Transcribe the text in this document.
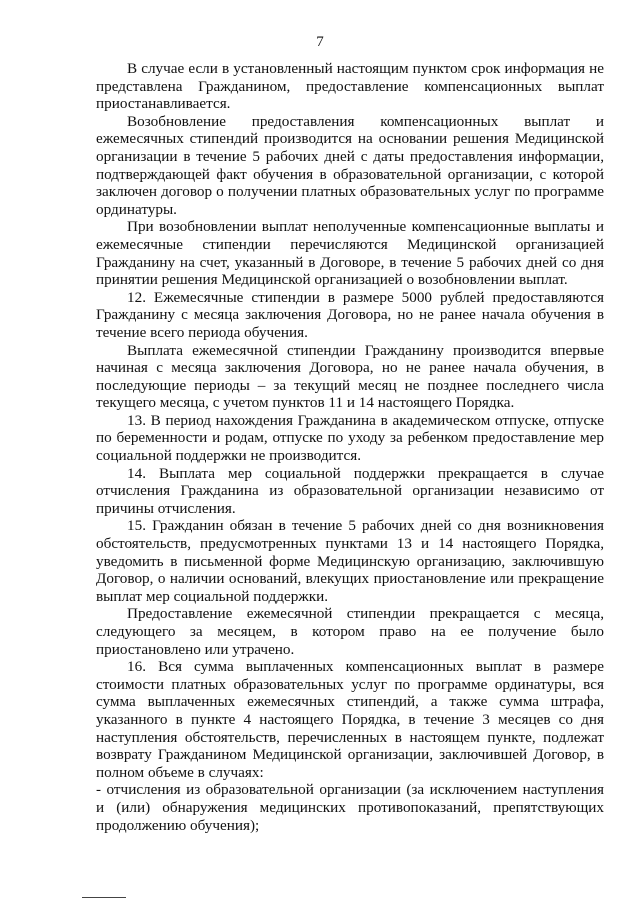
7

В случае если в установленный настоящим пунктом срок информация не представлена Гражданином, предоставление компенсационных выплат приостанавливается.

Возобновление предоставления компенсационных выплат и ежемесячных стипендий производится на основании решения Медицинской организации в течение 5 рабочих дней с даты предоставления информации, подтверждающей факт обучения в образовательной организации, с которой заключен договор о получении платных образовательных услуг по программе ординатуры.

При возобновлении выплат неполученные компенсационные выплаты и ежемесячные стипендии перечисляются Медицинской организацией Гражданину на счет, указанный в Договоре, в течение 5 рабочих дней со дня принятии решения Медицинской организацией о возобновлении выплат.

12. Ежемесячные стипендии в размере 5000 рублей предоставляются Гражданину с месяца заключения Договора, но не ранее начала обучения в течение всего периода обучения.

Выплата ежемесячной стипендии Гражданину производится впервые начиная с месяца заключения Договора, но не ранее начала обучения, в последующие периоды – за текущий месяц не позднее последнего числа текущего месяца, с учетом пунктов 11 и 14 настоящего Порядка.

13. В период нахождения Гражданина в академическом отпуске, отпуске по беременности и родам, отпуске по уходу за ребенком предоставление мер социальной поддержки не производится.

14. Выплата мер социальной поддержки прекращается в случае отчисления Гражданина из образовательной организации независимо от причины отчисления.

15. Гражданин обязан в течение 5 рабочих дней со дня возникновения обстоятельств, предусмотренных пунктами 13 и 14 настоящего Порядка, уведомить в письменной форме Медицинскую организацию, заключившую Договор, о наличии оснований, влекущих приостановление или прекращение выплат мер социальной поддержки.

Предоставление ежемесячной стипендии прекращается с месяца, следующего за месяцем, в котором право на ее получение было приостановлено или утрачено.

16. Вся сумма выплаченных компенсационных выплат в размере стоимости платных образовательных услуг по программе ординатуры, вся сумма выплаченных ежемесячных стипендий, а также сумма штрафа, указанного в пункте 4 настоящего Порядка, в течение 3 месяцев со дня наступления обстоятельств, перечисленных в настоящем пункте, подлежат возврату Гражданином Медицинской организации, заключившей Договор, в полном объеме в случаях:

- отчисления из образовательной организации (за исключением наступления и (или) обнаружения медицинских противопоказаний, препятствующих продолжению обучения);
